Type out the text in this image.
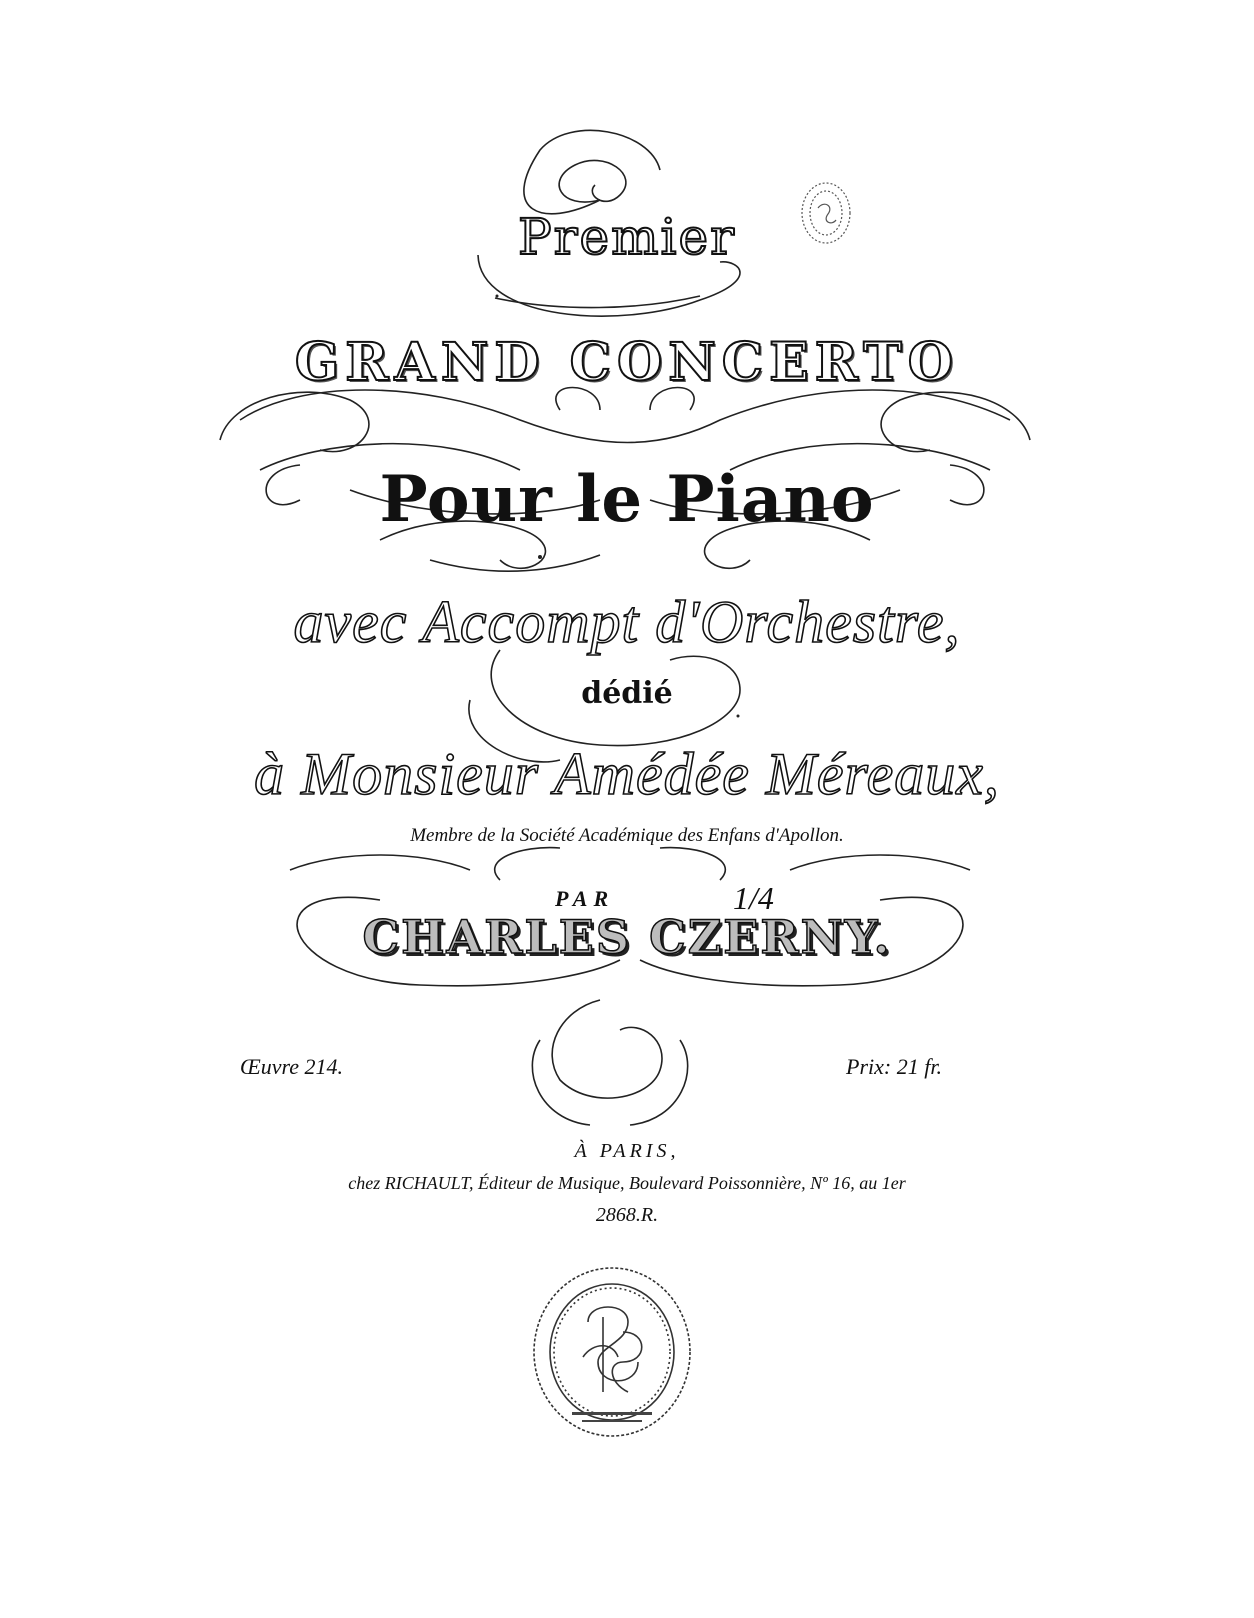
Premier
GRAND CONCERTO
Pour le Piano
avec Accompt d'Orchestre,
dédié
à Monsieur Amédée Méreaux,
Membre de la Société Académique des Enfans d'Apollon.
PAR	1/4
CHARLES CZERNY.
Œuvre 214.	Prix: 21 fr.
À PARIS,
chez RICHAULT, Éditeur de Musique, Boulevard Poissonnière, Nº 16, au 1er
2868.R.
